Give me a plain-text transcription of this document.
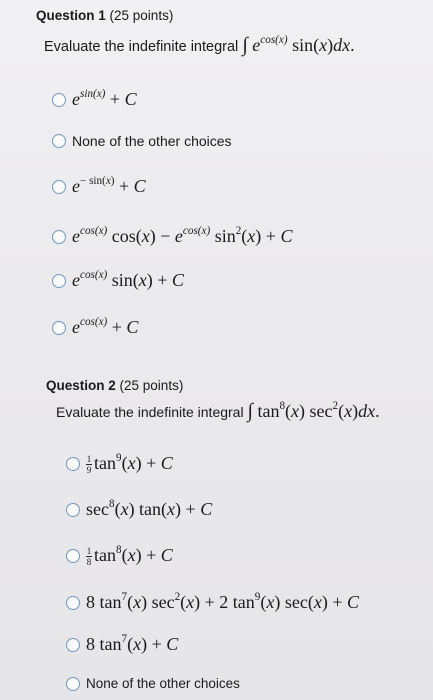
Question 1 (25 points)
Evaluate the indefinite integral ∫ $e^{cos(x)}$ sin(x)dx.
$e^{sin(x)} + C$
None of the other choices
$e^{- sin(x)} + C$
$e^{cos(x)}$ $\cos(x) - e^{cos(x)}$ $\sin^2(x) + C$
$e^{cos(x)}$ sin(x) + C
$e^{cos(x)} + C$
Question 2 (25 points)
Evaluate the indefinite integral ∫ $\tan^8(x)$ $\sec^2(x)dx$.
$\frac{1}{9} \tan^9(x) + C$
$\sec^8(x) \tan(x) + C$
$\frac{1}{8} \tan^8(x) + C$
8 $\tan^7(x) \sec^2(x) + 2$ $\tan^9(x) \sec(x) + C$
8 $\tan^7(x) + C$
None of the other choices
